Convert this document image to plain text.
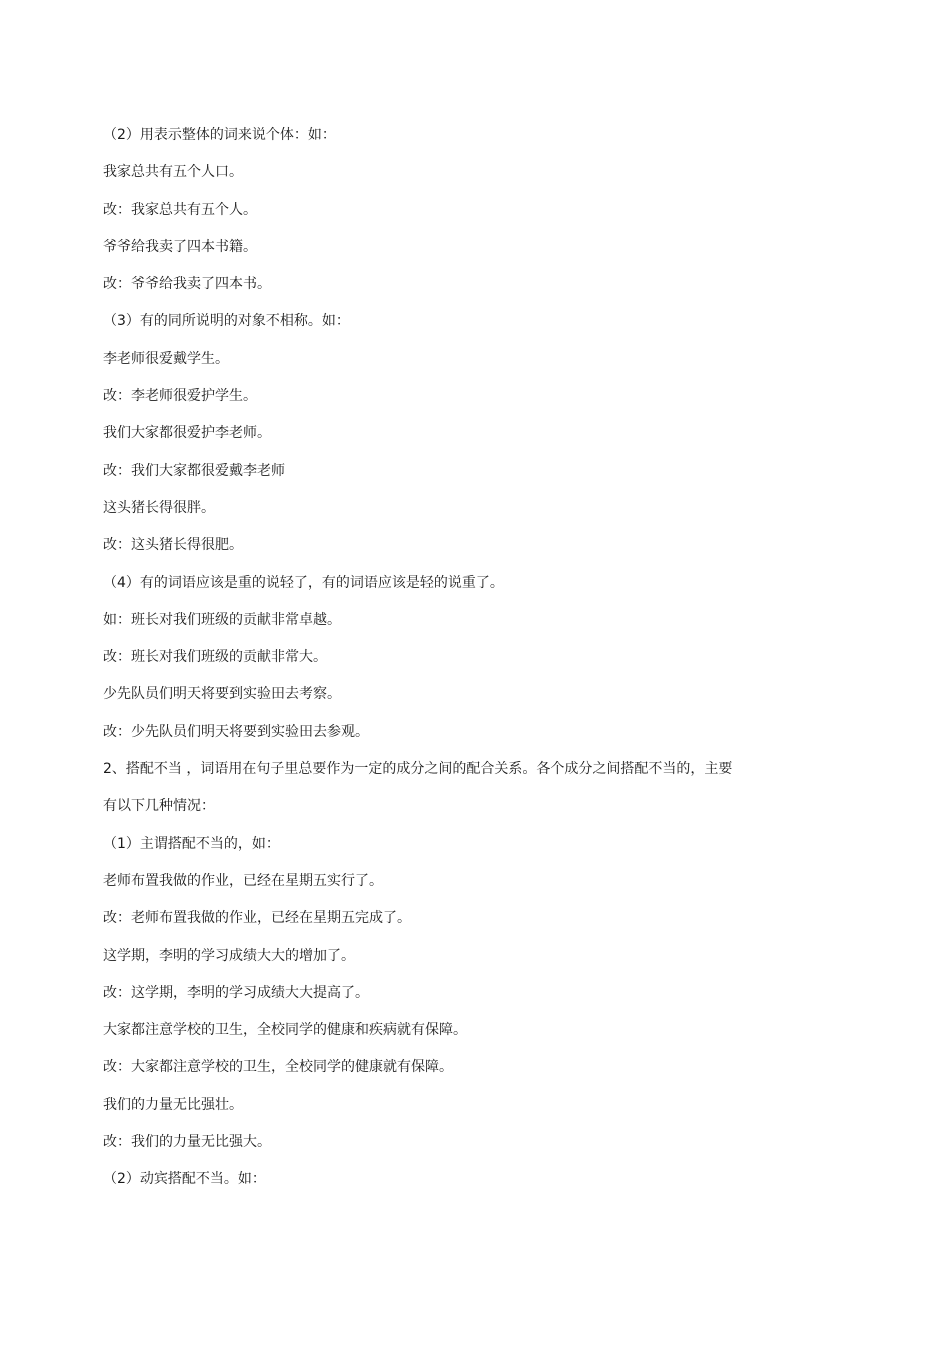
（2）用表示整体的词来说个体：如：
我家总共有五个人口。
改：我家总共有五个人。
爷爷给我卖了四本书籍。
改：爷爷给我卖了四本书。
（3）有的同所说明的对象不相称。如：
李老师很爱戴学生。
改：李老师很爱护学生。
我们大家都很爱护李老师。
改：我们大家都很爱戴李老师
这头猪长得很胖。
改：这头猪长得很肥。
（4）有的词语应该是重的说轻了，有的词语应该是轻的说重了。
如：班长对我们班级的贡献非常卓越。
改：班长对我们班级的贡献非常大。
少先队员们明天将要到实验田去考察。
改：少先队员们明天将要到实验田去参观。
2、搭配不当 ，词语用在句子里总要作为一定的成分之间的配合关系。各个成分之间搭配不当的，主要
有以下几种情况：
（1）主谓搭配不当的，如：
老师布置我做的作业，已经在星期五实行了。
改：老师布置我做的作业，已经在星期五完成了。
这学期，李明的学习成绩大大的增加了。
改：这学期，李明的学习成绩大大提高了。
大家都注意学校的卫生，全校同学的健康和疾病就有保障。
改：大家都注意学校的卫生，全校同学的健康就有保障。
我们的力量无比强壮。
改：我们的力量无比强大。
（2）动宾搭配不当。如：
